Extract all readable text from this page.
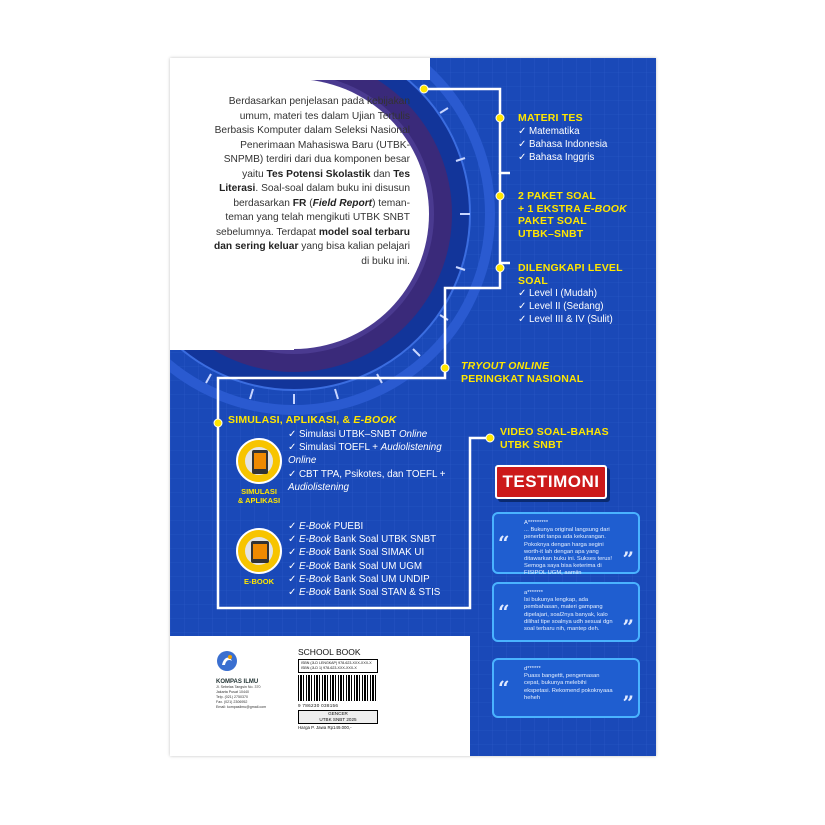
Berdasarkan penjelasan pada kebijakan umum, materi tes dalam Ujian Tertulis Berbasis Komputer dalam Seleksi Nasional Penerimaan Mahasiswa Baru (UTBK-SNPMB) terdiri dari dua komponen besar yaitu Tes Potensi Skolastik dan Tes Literasi. Soal-soal dalam buku ini disusun berdasarkan FR (Field Report) teman-teman yang telah mengikuti UTBK SNBT sebelumnya. Terdapat model soal terbaru dan sering keluar yang bisa kalian pelajari di buku ini.
MATERI TES
✓ Matematika
✓ Bahasa Indonesia
✓ Bahasa Inggris
2 PAKET SOAL
+ 1 EKSTRA E-BOOK
PAKET SOAL
UTBK–SNBT
DILENGKAPI LEVEL
SOAL
✓ Level I (Mudah)
✓ Level II (Sedang)
✓ Level III & IV (Sulit)
TRYOUT ONLINE
PERINGKAT NASIONAL
SIMULASI, APLIKASI, & E-BOOK
✓ Simulasi UTBK–SNBT Online
✓ Simulasi TOEFL + Audiolistening Online
✓ CBT TPA, Psikotes, dan TOEFL + Audiolistening
SIMULASI
& APLIKASI
✓ E-Book PUEBI
✓ E-Book Bank Soal UTBK SNBT
✓ E-Book Bank Soal SIMAK UI
✓ E-Book Bank Soal UM UGM
✓ E-Book Bank Soal UM UNDIP
✓ E-Book Bank Soal STAN & STIS
E-BOOK
VIDEO SOAL-BAHAS
UTBK SNBT
TESTIMONI
“
A*********
... Bukunya original langsung dari penerbit tanpa ada kekurangan. Pokoknya dengan harga segini worth-it lah dengan apa yang ditawarkan buku ini. Sukses terus! Semoga saya bisa keterima di FISIPOL UGM, aamiin
”
“
a*******
Isi bukunya lengkap, ada pembahasan, materi gampang dipelajari, soal2nya banyak, kalo dilihat tipe soalnya udh sesuai dgn soal terbaru nih, mantep deh.	”
“
d******
Puass bangettt, pengemasan cepat, bukunya melebihi ekspetasi. Rekomend pokoknyaaa heheh	”
KOMPAS ILMU
Jl. Sebelas Tangsin No. 370
Jakarta Pusat 10440
Telp. (021) 2750370
Fax. (021) 2306952
Email: kompasilmu@gmail.com
SCHOOL BOOK
ISBN (JLD LENGKAP) 978-623-XXX-XXX-X
ISBN (JLD 1) 978-623-XXX-XXX-X
9 786230 038156
GENCER
UTBK SNBT 2025
Harga P. Jawa Rp149.000,-
